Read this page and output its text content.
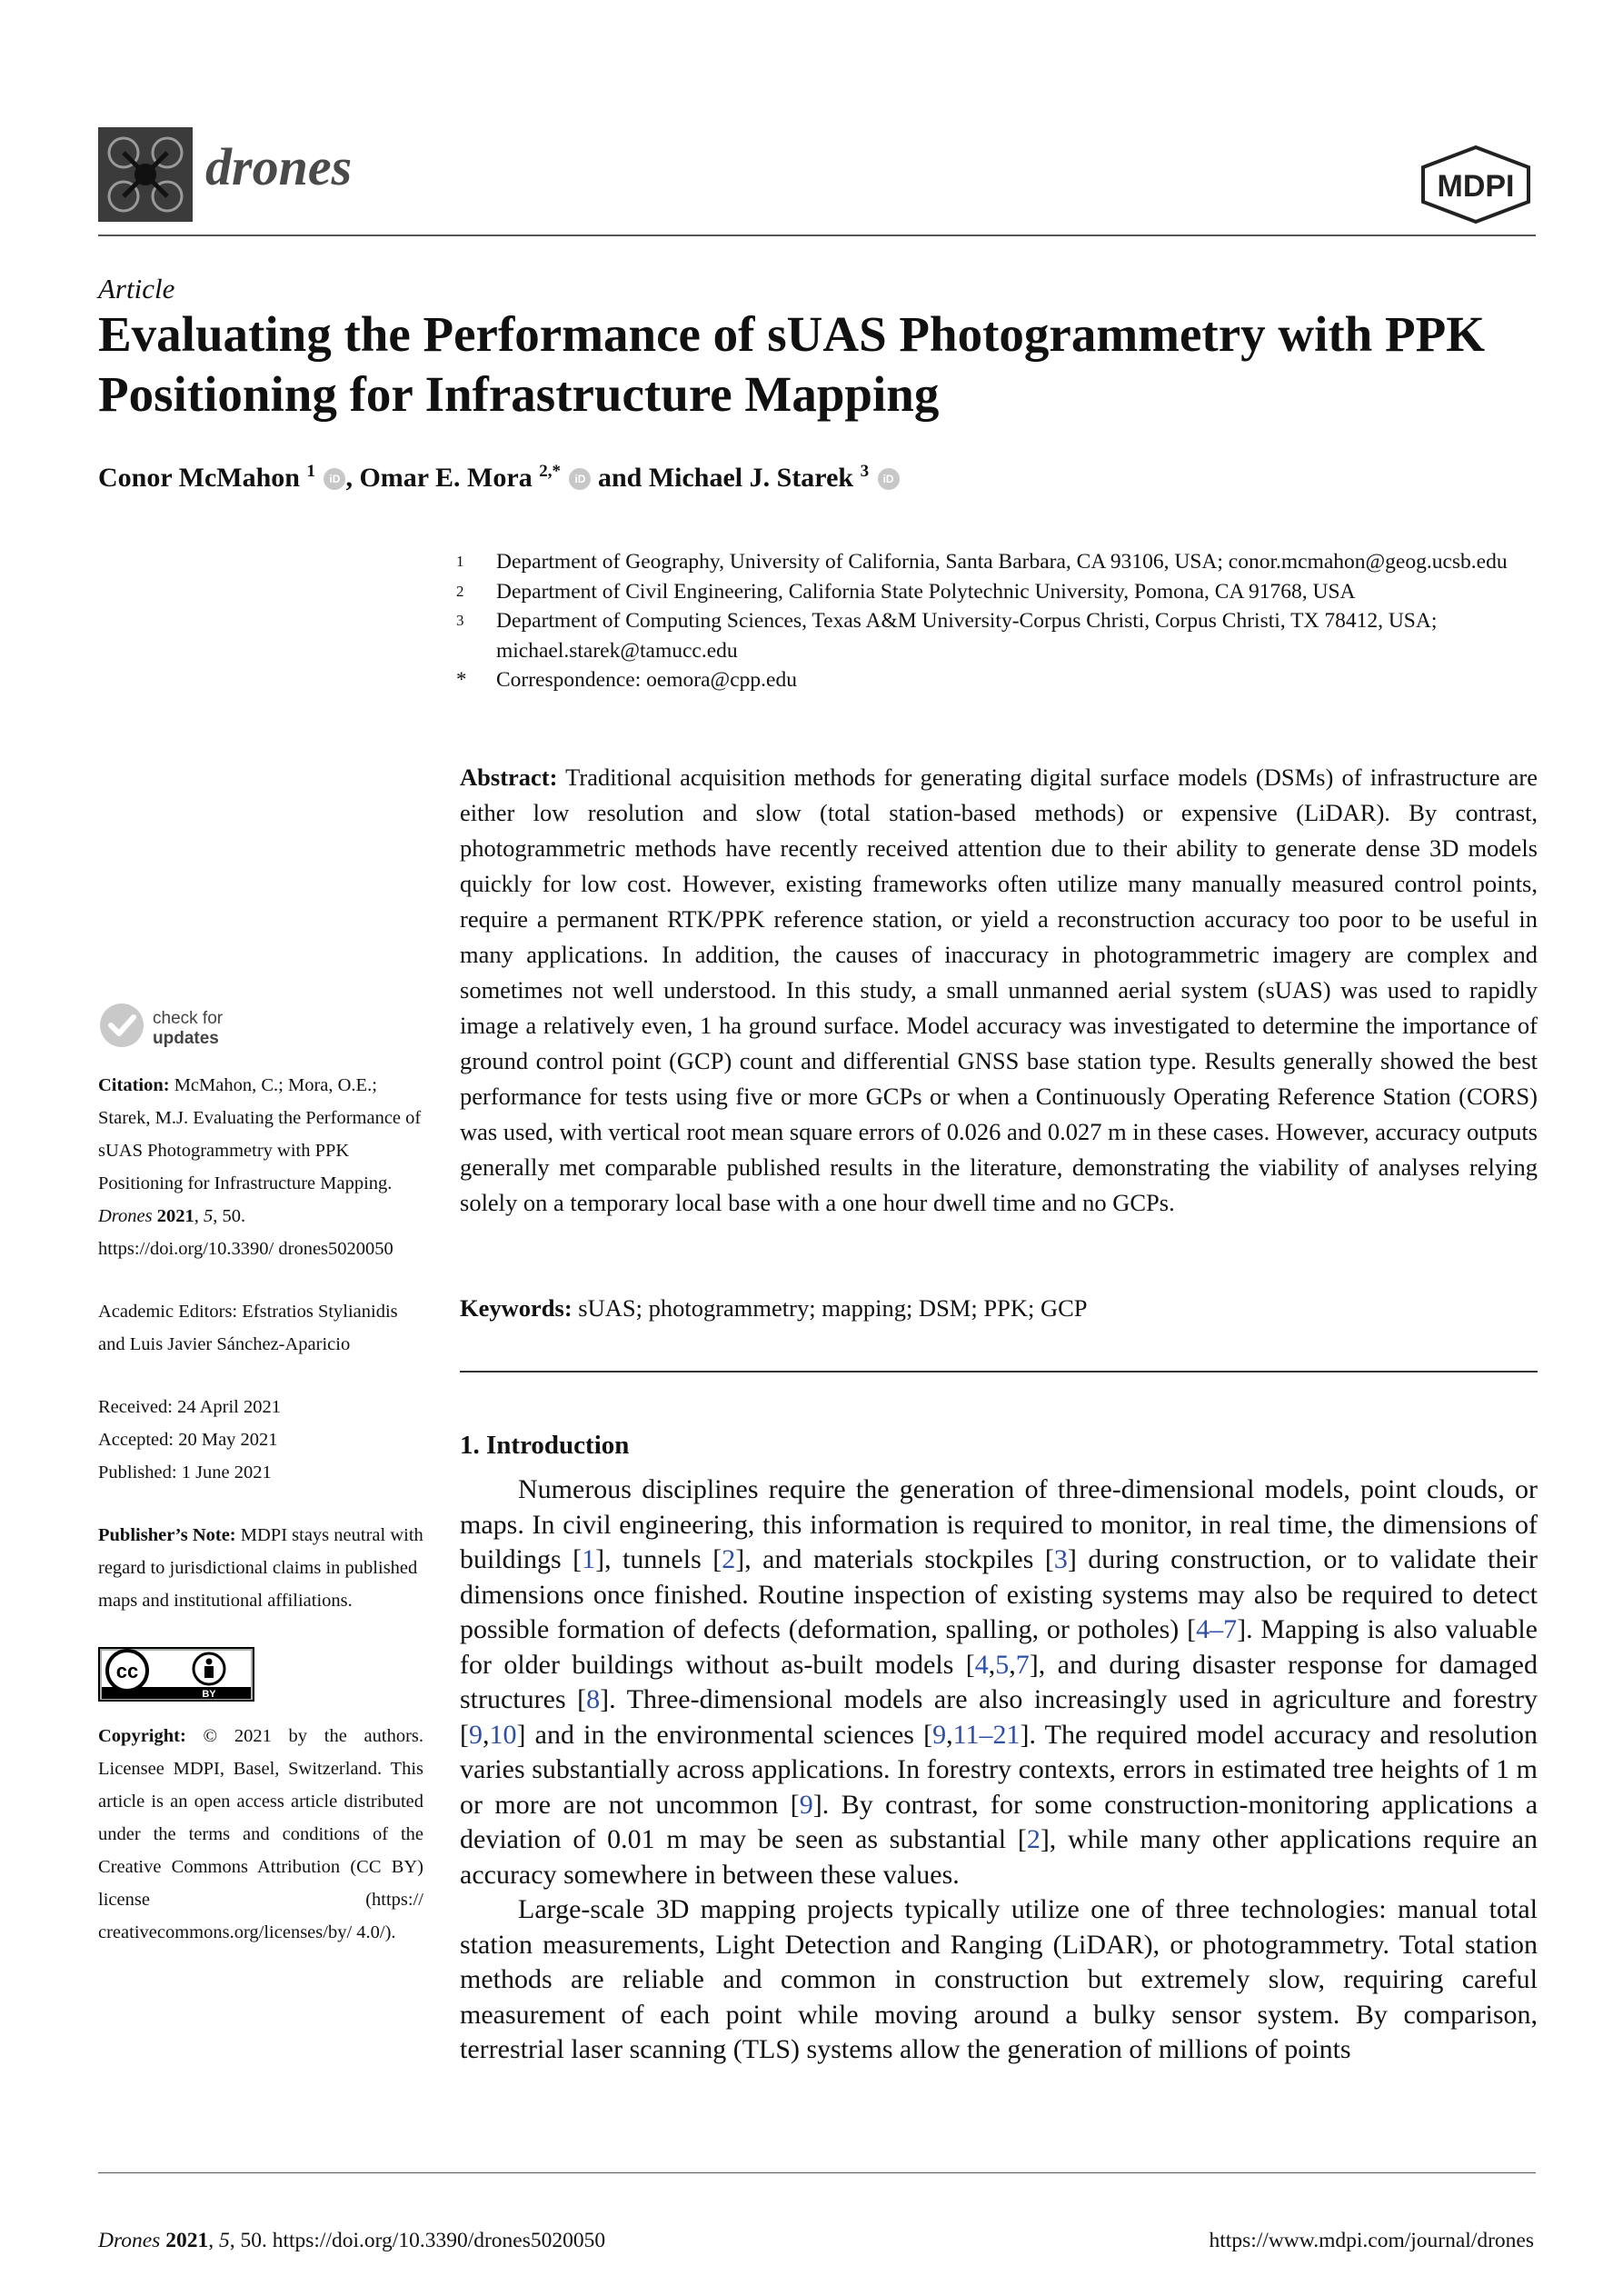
drones	MDPI
Article
Evaluating the Performance of sUAS Photogrammetry with PPK Positioning for Infrastructure Mapping
Conor McMahon $^1$ iD , Omar E. Mora $^{2,*}$ iD and Michael J. Starek $^3$ iD
1	Department of Geography, University of California, Santa Barbara, CA 93106, USA; conor.mcmahon@geog.ucsb.edu
2	Department of Civil Engineering, California State Polytechnic University, Pomona, CA 91768, USA
3	Department of Computing Sciences, Texas A&M University-Corpus Christi, Corpus Christi, TX 78412, USA; michael.starek@tamucc.edu
*	Correspondence: oemora@cpp.edu
Abstract: Traditional acquisition methods for generating digital surface models (DSMs) of infrastructure are either low resolution and slow (total station-based methods) or expensive (LiDAR). By contrast, photogrammetric methods have recently received attention due to their ability to generate dense 3D models quickly for low cost. However, existing frameworks often utilize many manually measured control points, require a permanent RTK/PPK reference station, or yield a reconstruction accuracy too poor to be useful in many applications. In addition, the causes of inaccuracy in photogrammetric imagery are complex and sometimes not well understood. In this study, a small unmanned aerial system (sUAS) was used to rapidly image a relatively even, 1 ha ground surface. Model accuracy was investigated to determine the importance of ground control point (GCP) count and differential GNSS base station type. Results generally showed the best performance for tests using five or more GCPs or when a Continuously Operating Reference Station (CORS) was used, with vertical root mean square errors of 0.026 and 0.027 m in these cases. However, accuracy outputs generally met comparable published results in the literature, demonstrating the viability of analyses relying solely on a temporary local base with a one hour dwell time and no GCPs.
Keywords: sUAS; photogrammetry; mapping; DSM; PPK; GCP
1. Introduction

Numerous disciplines require the generation of three-dimensional models, point clouds, or maps. In civil engineering, this information is required to monitor, in real time, the dimensions of buildings [1], tunnels [2], and materials stockpiles [3] during construction, or to validate their dimensions once finished. Routine inspection of existing systems may also be required to detect possible formation of defects (deformation, spalling, or potholes) [4–7]. Mapping is also valuable for older buildings without as-built models [4,5,7], and during disaster response for damaged structures [8]. Three-dimensional models are also increasingly used in agriculture and forestry [9,10] and in the environmental sciences [9,11–21]. The required model accuracy and resolution varies substantially across applications. In forestry contexts, errors in estimated tree heights of 1 m or more are not uncommon [9]. By contrast, for some construction-monitoring applications a deviation of 0.01 m may be seen as substantial [2], while many other applications require an accuracy somewhere in between these values.

Large-scale 3D mapping projects typically utilize one of three technologies: manual total station measurements, Light Detection and Ranging (LiDAR), or photogrammetry. Total station methods are reliable and common in construction but extremely slow, requiring careful measurement of each point while moving around a bulky sensor system. By comparison, terrestrial laser scanning (TLS) systems allow the generation of millions of points

check for
updates

Citation: McMahon, C.; Mora, O.E.; Starek, M.J. Evaluating the Performance of sUAS Photogrammetry with PPK Positioning for Infrastructure Mapping. Drones 2021, 5, 50. https://doi.org/10.3390/ drones5020050

Academic Editors: Efstratios Stylianidis and Luis Javier Sánchez-Aparicio

Received: 24 April 2021
Accepted: 20 May 2021
Published: 1 June 2021

Publisher’s Note: MDPI stays neutral with regard to jurisdictional claims in published maps and institutional affiliations.

cc
BY

Copyright: © 2021 by the authors. Licensee MDPI, Basel, Switzerland. This article is an open access article distributed under the terms and conditions of the Creative Commons Attribution (CC BY) license (https:// creativecommons.org/licenses/by/ 4.0/).

Drones 2021, 5, 50. https://doi.org/10.3390/drones5020050	https://www.mdpi.com/journal/drones
